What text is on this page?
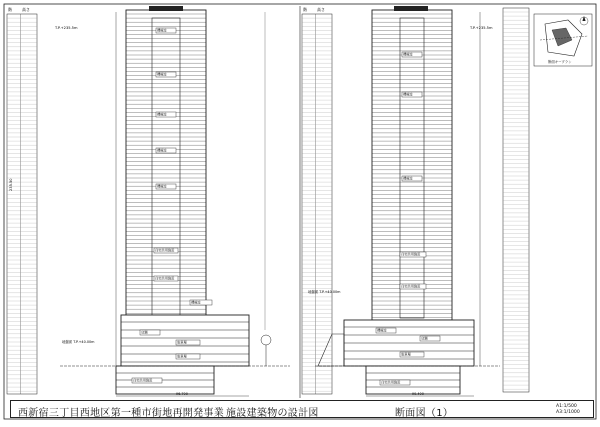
階	高さ
T.P.+235.5m
235.50
機械室
機械室
機械室
機械室
機械室
住宅共用施設
住宅共用施設
機械室
店舗
駐車場
駐車場
住宅共用施設
地盤面 T.P.+40.00m
96.700
階	高さ
T.P.+235.5m
機械室
機械室
機械室
住宅共用施設
住宅共用施設
機械室
店舗
駐車場
住宅共用施設
地盤面 T.P.+40.00m
90.400
断面キープラン
西新宿三丁目西地区第一種市街地再開発事業 施設建築物の設計図	断面図（1）
A1:1/500
A3:1/1000
